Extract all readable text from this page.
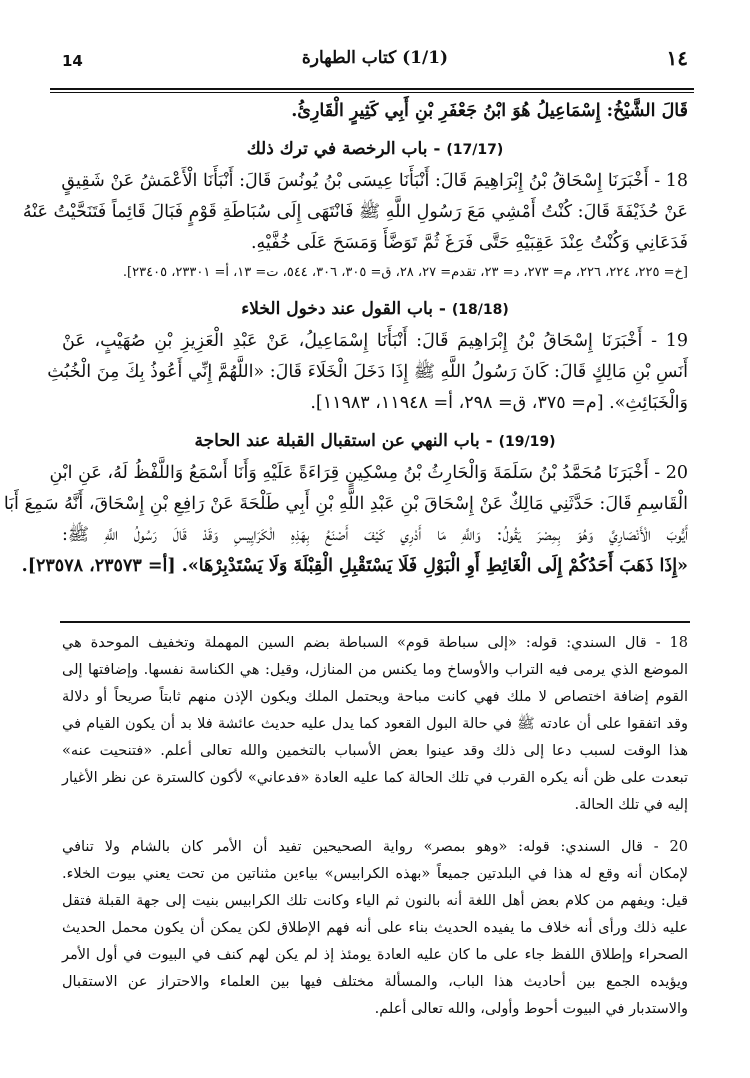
14	(1/1) كتاب الطهارة	١٤
قَالَ الشَّيْخُ: إِسْمَاعِيلُ هُوَ ابْنُ جَعْفَرِ بْنِ أَبِي كَثِيرٍ الْقَارِئُ.
(17/17) - باب الرخصة في ترك ذلك
18 - أَخْبَرَنَا إِسْحَاقُ بْنُ إِبْرَاهِيمَ قَالَ: أَنْبَأَنَا عِيسَى بْنُ يُونُسَ قَالَ: أَنْبَأَنَا الْأَعْمَشُ عَنْ شَقِيقٍ
عَنْ حُذَيْفَةَ قَالَ: كُنْتُ أَمْشِي مَعَ رَسُولِ اللَّهِ ﷺ فَانْتَهَى إِلَى سُبَاطَةِ قَوْمٍ فَبَالَ قَائِماً فَتَنَحَّيْتُ عَنْهُ
فَدَعَانِي وَكُنْتُ عِنْدَ عَقِبَيْهِ حَتَّى فَرَغَ ثُمَّ تَوَضَّأَ وَمَسَحَ عَلَى خُفَّيْهِ.
[خ= ٢٢٥، ٢٢٤، ٢٢٦، م= ٢٧٣، د= ٢٣، تقدم= ٢٧، ٢٨، ق= ٣٠٥، ٣٠٦، ٥٤٤، ت= ١٣، أ= ٢٣٣٠١، ٢٣٤٠٥].
(18/18) - باب القول عند دخول الخلاء
19 - أَخْبَرَنَا إِسْحَاقُ بْنُ إِبْرَاهِيمَ قَالَ: أَنْبَأَنَا إِسْمَاعِيلُ، عَنْ عَبْدِ الْعَزِيزِ بْنِ صُهَيْبٍ، عَنْ
أَنَسِ بْنِ مَالِكٍ قَالَ: كَانَ رَسُولُ اللَّهِ ﷺ إِذَا دَخَلَ الْخَلَاءَ قَالَ: «اللَّهُمَّ إِنِّي أَعُوذُ بِكَ مِنَ الْخُبُثِ
وَالْخَبَائِثِ». [م= ٣٧٥، ق= ٢٩٨، أ= ١١٩٤٨، ١١٩٨٣].
(19/19) - باب النهي عن استقبال القبلة عند الحاجة
20 - أَخْبَرَنَا مُحَمَّدُ بْنُ سَلَمَةَ وَالْحَارِثُ بْنُ مِسْكِينٍ قِرَاءَةً عَلَيْهِ وَأَنَا أَسْمَعُ وَاللَّفْظُ لَهُ، عَنِ ابْنِ
الْقَاسِمِ قَالَ: حَدَّثَنِي مَالِكٌ عَنْ إِسْحَاقَ بْنِ عَبْدِ اللَّهِ بْنِ أَبِي طَلْحَةَ عَنْ رَافِعِ بْنِ إِسْحَاقَ، أَنَّهُ سَمِعَ أَبَا
أَيُّوبَ الْأَنْصَارِيَّ وَهُوَ بِمِصْرَ يَقُولُ: وَاللَّهِ مَا أَدْرِي كَيْفَ أَصْنَعُ بِهَذِهِ الْكَرَايِيسِ وَقَدْ قَالَ رَسُولُ اللَّهِ ﷺ:
«إِذَا ذَهَبَ أَحَدُكُمْ إِلَى الْغَائِطِ أَوِ الْبَوْلِ فَلَا يَسْتَقْبِلِ الْقِبْلَةَ وَلَا يَسْتَدْبِرْهَا». [أ= ٢٣٥٧٣، ٢٣٥٧٨].
18 - قال السندي: قوله: «إلى سباطة قوم» السباطة بضم السين المهملة وتخفيف الموحدة هي
الموضع الذي يرمى فيه التراب والأوساخ وما يكنس من المنازل، وقيل: هي الكناسة نفسها. وإضافتها إلى
القوم إضافة اختصاص لا ملك فهي كانت مباحة ويحتمل الملك ويكون الإذن منهم ثابتاً صريحاً أو دلالة
وقد اتفقوا على أن عادته ﷺ في حالة البول القعود كما يدل عليه حديث عائشة فلا بد أن يكون القيام في
هذا الوقت لسبب دعا إلى ذلك وقد عينوا بعض الأسباب بالتخمين والله تعالى أعلم. «فتنحيت عنه»
تبعدت على ظن أنه يكره القرب في تلك الحالة كما عليه العادة «فدعاني» لأكون كالسترة عن نظر الأغيار
إليه في تلك الحالة.
20 - قال السندي: قوله: «وهو بمصر» رواية الصحيحين تفيد أن الأمر كان بالشام ولا تنافي
لإمكان أنه وقع له هذا في البلدتين جميعاً «بهذه الكرابيس» بياءين مثناتين من تحت يعني بيوت الخلاء.
قيل: ويفهم من كلام بعض أهل اللغة أنه بالنون ثم الياء وكانت تلك الكرابيس بنيت إلى جهة القبلة فتقل
عليه ذلك ورأى أنه خلاف ما يفيده الحديث بناء على أنه فهم الإطلاق لكن يمكن أن يكون محمل الحديث
الصحراء وإطلاق اللفظ جاء على ما كان عليه العادة يومئذ إذ لم يكن لهم كنف في البيوت في أول الأمر
ويؤيده الجمع بين أحاديث هذا الباب، والمسألة مختلف فيها بين العلماء والاحتراز عن الاستقبال
والاستدبار في البيوت أحوط وأولى، والله تعالى أعلم.
